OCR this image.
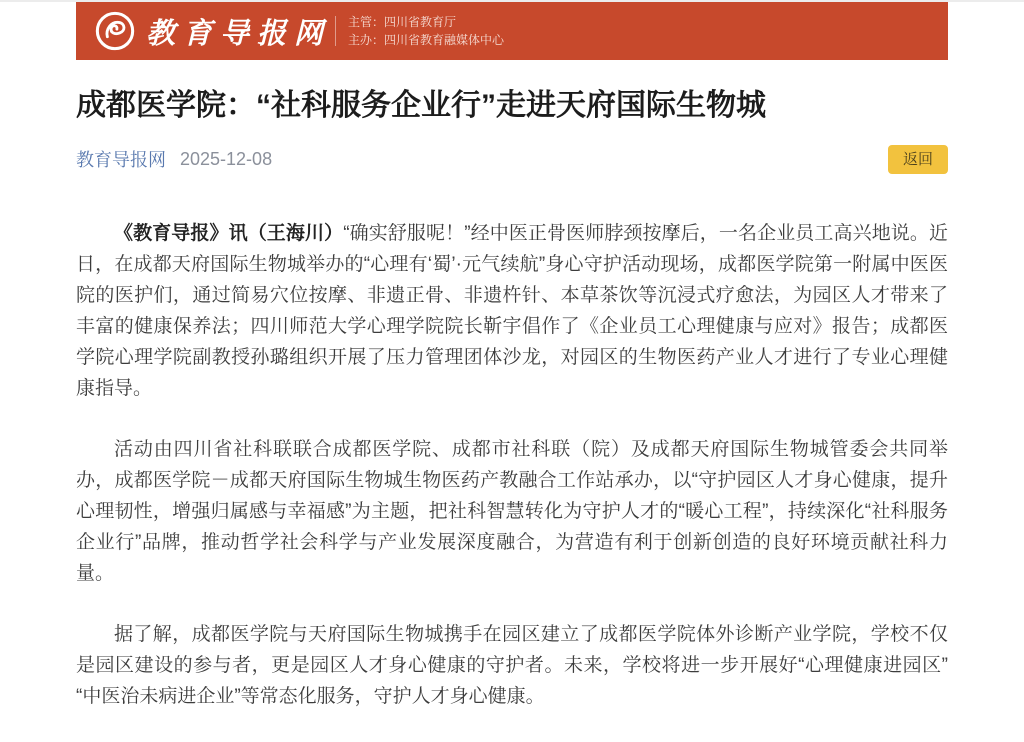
教育导报网 主管：四川省教育厅
主办：四川省教育融媒体中心
成都医学院：“社科服务企业行”走进天府国际生物城
教育导报网 2025-12-08	返回

《教育导报》讯（王海川）“确实舒服呢！”经中医正骨医师脖颈按摩后，一名企业员工高兴地说。近日，在成都天府国际生物城举办的“心理有‘蜀’·元气续航”身心守护活动现场，成都医学院第一附属中医医院的医护们，通过简易穴位按摩、非遗正骨、非遗杵针、本草茶饮等沉浸式疗愈法，为园区人才带来了丰富的健康保养法；四川师范大学心理学院院长靳宇倡作了《企业员工心理健康与应对》报告；成都医学院心理学院副教授孙璐组织开展了压力管理团体沙龙，对园区的生物医药产业人才进行了专业心理健康指导。

活动由四川省社科联联合成都医学院、成都市社科联（院）及成都天府国际生物城管委会共同举办，成都医学院－成都天府国际生物城生物医药产教融合工作站承办，以“守护园区人才身心健康，提升心理韧性，增强归属感与幸福感”为主题，把社科智慧转化为守护人才的“暖心工程”，持续深化“社科服务企业行”品牌，推动哲学社会科学与产业发展深度融合，为营造有利于创新创造的良好环境贡献社科力量。

据了解，成都医学院与天府国际生物城携手在园区建立了成都医学院体外诊断产业学院，学校不仅是园区建设的参与者，更是园区人才身心健康的守护者。未来，学校将进一步开展好“心理健康进园区”“中医治未病进企业”等常态化服务，守护人才身心健康。
